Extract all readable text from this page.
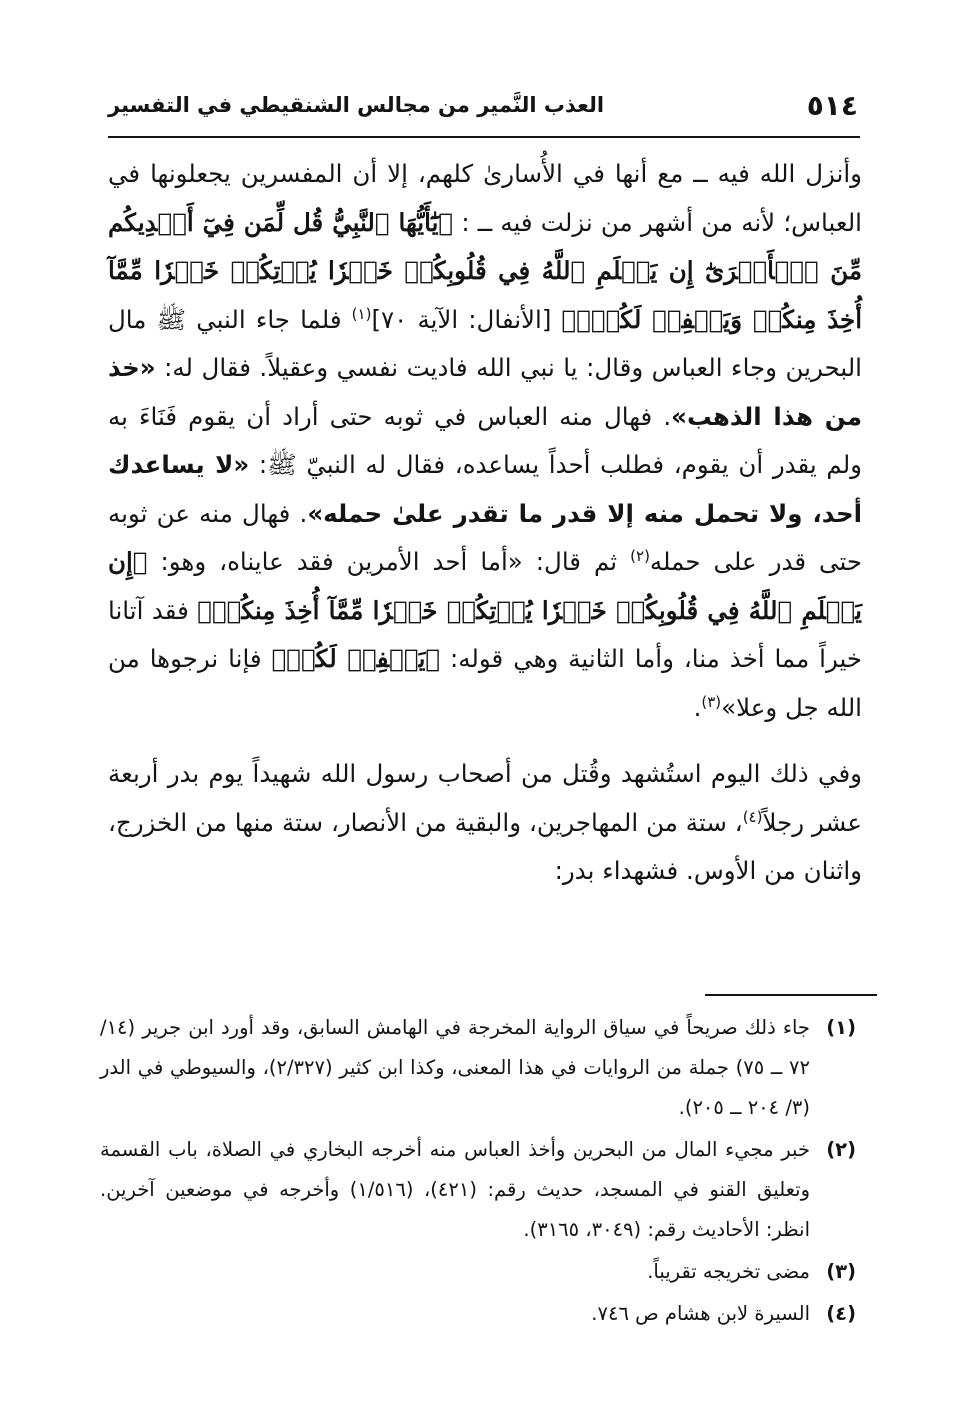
٥١٤
العذب النَّمير من مجالس الشنقيطي في التفسير

وأنزل الله فيه ــ مع أنها في الأُسارىٰ كلهم، إلا أن المفسرين يجعلونها في العباس؛ لأنه من أشهر من نزلت فيه ــ : ﴿يَٰٓأَيُّهَا ٱلنَّبِيُّ قُل لِّمَن فِيٓ أَيۡدِيكُم مِّنَ ٱلۡأَسۡرَىٰٓ إِن يَعۡلَمِ ٱللَّهُ فِي قُلُوبِكُمۡ خَيۡرٗا يُؤۡتِكُمۡ خَيۡرٗا مِّمَّآ أُخِذَ مِنكُمۡ وَيَغۡفِرۡ لَكُمۡۚ﴾ [الأنفال: الآية ٧٠]$^{(١)}$ فلما جاء النبي ﷺ مال البحرين وجاء العباس وقال: يا نبي الله فاديت نفسي وعقيلاً. فقال له: «خذ من هذا الذهب». فهال منه العباس في ثوبه حتى أراد أن يقوم فَنَاءَ به ولم يقدر أن يقوم، فطلب أحداً يساعده، فقال له النبيّ ﷺ: «لا يساعدك أحد، ولا تحمل منه إلا قدر ما تقدر علىٰ حمله». فهال منه عن ثوبه حتى قدر على حمله$^{(٢)}$ ثم قال: «أما أحد الأمرين فقد عايناه، وهو: ﴿إِن يَعۡلَمِ ٱللَّهُ فِي قُلُوبِكُمۡ خَيۡرٗا يُؤۡتِكُمۡ خَيۡرٗا مِّمَّآ أُخِذَ مِنكُمۡ﴾ فقد آتانا خيراً مما أخذ منا، وأما الثانية وهي قوله: ﴿يَغۡفِرۡ لَكُمۡ﴾ فإنا نرجوها من الله جل وعلا»$^{(٣)}$.

وفي ذلك اليوم استُشهد وقُتل من أصحاب رسول الله شهيداً يوم بدر أربعة عشر رجلاً$^{(٤)}$، ستة من المهاجرين، والبقية من الأنصار، ستة منها من الخزرج، واثنان من الأوس. فشهداء بدر:

(١)
جاء ذلك صريحاً في سياق الرواية المخرجة في الهامش السابق، وقد أورد ابن جرير (١٤/ ٧٢ ــ ٧٥) جملة من الروايات في هذا المعنى، وكذا ابن كثير (٢/٣٢٧)، والسيوطي في الدر (٣/ ٢٠٤ ــ ٢٠٥).
(٢)
خبر مجيء المال من البحرين وأخذ العباس منه أخرجه البخاري في الصلاة، باب القسمة وتعليق القنو في المسجد، حديث رقم: (٤٢١)، (١/٥١٦) وأخرجه في موضعين آخرين. انظر: الأحاديث رقم: (٣٠٤٩، ٣١٦٥).
(٣)
مضى تخريجه تقريباً.
(٤)
السيرة لابن هشام ص ٧٤٦.
